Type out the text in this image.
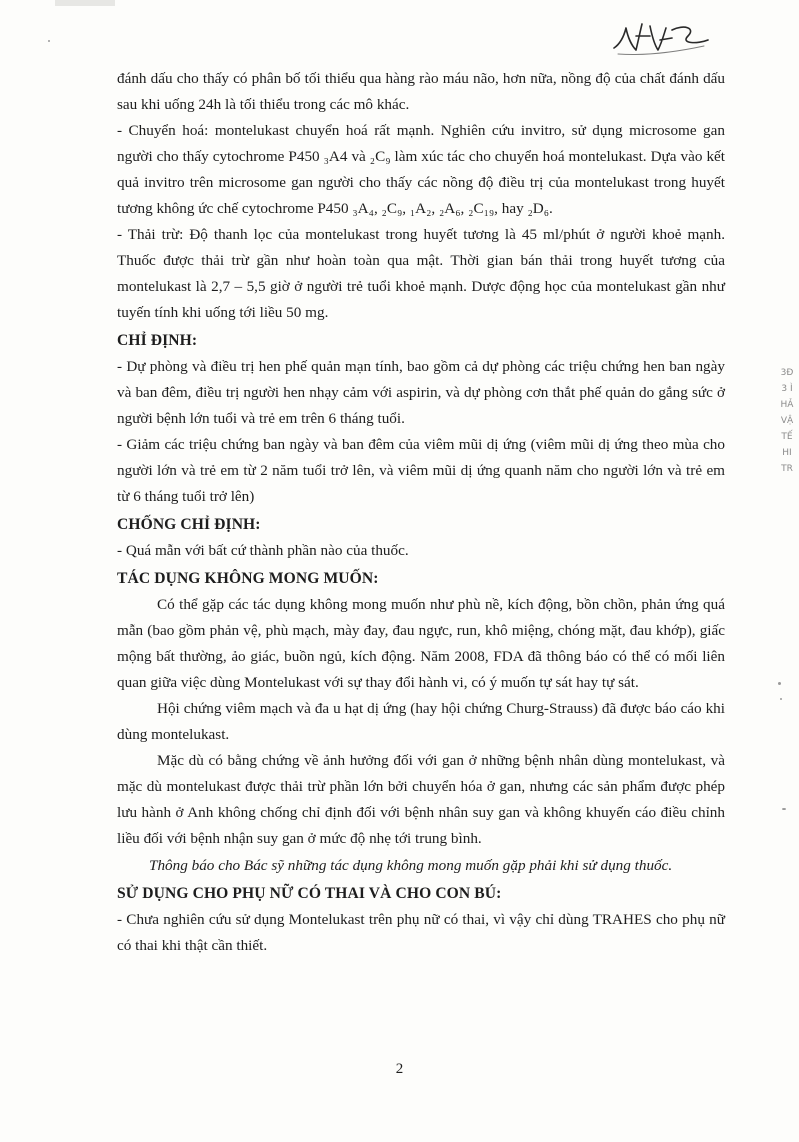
đánh dấu cho thấy có phân bố tối thiểu qua hàng rào máu não, hơn nữa, nồng độ của chất đánh dấu sau khi uống 24h là tối thiểu trong các mô khác.

- Chuyển hoá: montelukast chuyển hoá rất mạnh. Nghiên cứu invitro, sử dụng microsome gan người cho thấy cytochrome P450 ₃A4 và ₂C₉ làm xúc tác cho chuyển hoá montelukast. Dựa vào kết quả invitro trên microsome gan người cho thấy các nồng độ điều trị của montelukast trong huyết tương không ức chế cytochrome P450 ₃A₄, ₂C₉, ₁A₂, ₂A₆, ₂C₁₉, hay ₂D₆.

- Thải trừ: Độ thanh lọc của montelukast trong huyết tương là 45 ml/phút ở người khoẻ mạnh. Thuốc được thải trừ gần như hoàn toàn qua mật. Thời gian bán thải trong huyết tương của montelukast là 2,7 – 5,5 giờ ở người trẻ tuổi khoẻ mạnh. Dược động học của montelukast gần như tuyến tính khi uống tới liều 50 mg.

CHỈ ĐỊNH:

- Dự phòng và điều trị hen phế quản mạn tính, bao gồm cả dự phòng các triệu chứng hen ban ngày và ban đêm, điều trị người hen nhạy cảm với aspirin, và dự phòng cơn thắt phế quản do gắng sức ở người bệnh lớn tuổi và trẻ em trên 6 tháng tuổi.

- Giảm các triệu chứng ban ngày và ban đêm của viêm mũi dị ứng (viêm mũi dị ứng theo mùa cho người lớn và trẻ em từ 2 năm tuổi trở lên, và viêm mũi dị ứng quanh năm cho người lớn và trẻ em từ 6 tháng tuổi trở lên)

CHỐNG CHỈ ĐỊNH:

- Quá mẫn với bất cứ thành phần nào của thuốc.

TÁC DỤNG KHÔNG MONG MUỐN:

Có thể gặp các tác dụng không mong muốn như phù nề, kích động, bồn chồn, phản ứng quá mẫn (bao gồm phản vệ, phù mạch, mày đay, đau ngực, run, khô miệng, chóng mặt, đau khớp), giấc mộng bất thường, ảo giác, buồn ngủ, kích động. Năm 2008, FDA đã thông báo có thể có mối liên quan giữa việc dùng Montelukast với sự thay đổi hành vi, có ý muốn tự sát hay tự sát.

Hội chứng viêm mạch và đa u hạt dị ứng (hay hội chứng Churg-Strauss) đã được báo cáo khi dùng montelukast.

Mặc dù có bằng chứng về ảnh hưởng đối với gan ở những bệnh nhân dùng montelukast, và mặc dù montelukast được thải trừ phần lớn bởi chuyển hóa ở gan, nhưng các sản phẩm được phép lưu hành ở Anh không chống chỉ định đối với bệnh nhân suy gan và không khuyến cáo điều chỉnh liều đối với bệnh nhận suy gan ở mức độ nhẹ tới trung bình.

Thông báo cho Bác sỹ những tác dụng không mong muốn gặp phải khi sử dụng thuốc.

SỬ DỤNG CHO PHỤ NỮ CÓ THAI VÀ CHO CON BÚ:

- Chưa nghiên cứu sử dụng Montelukast trên phụ nữ có thai, vì vậy chỉ dùng TRAHES cho phụ nữ có thai khi thật cần thiết.

3Đ
3 Ì
HẢ
VẬ
TẾ
HI
TR
2
